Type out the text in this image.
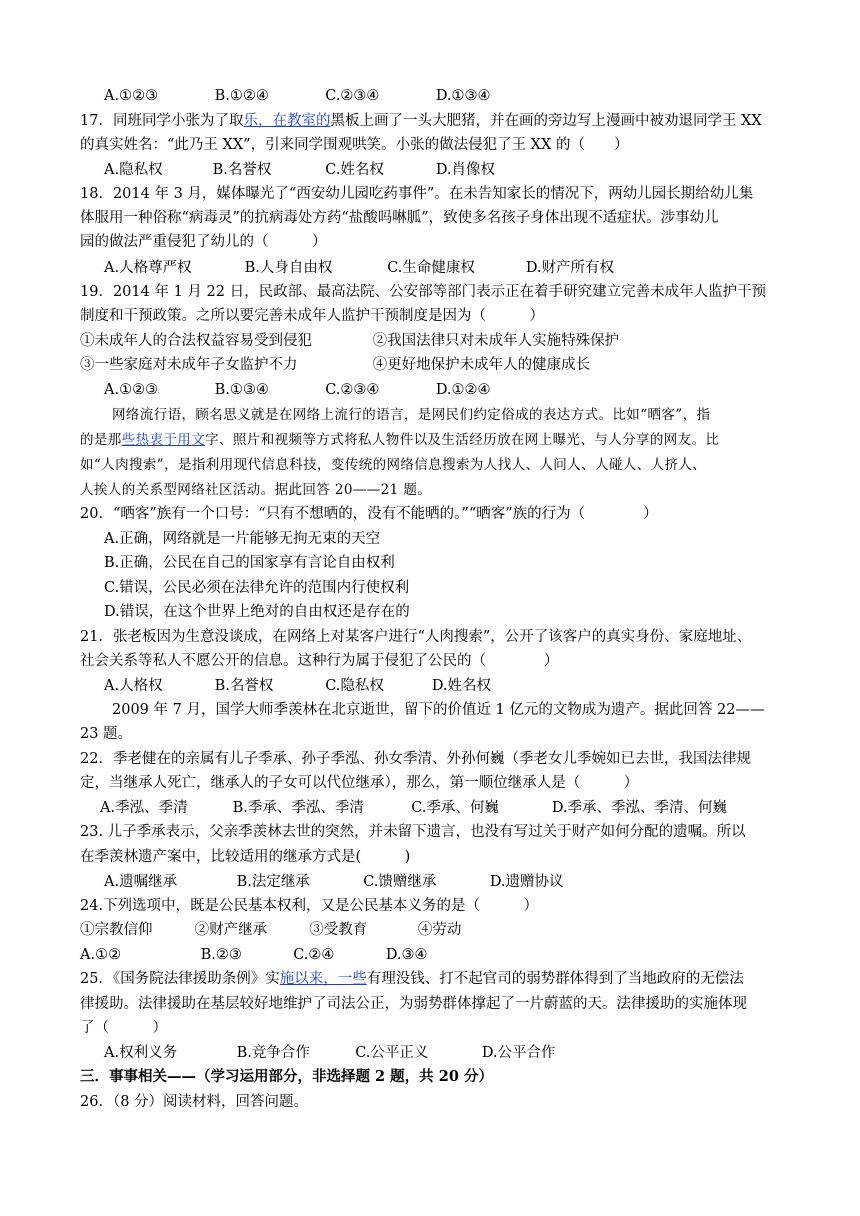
A.①②③	B.①②④	C.②③④	D.①③④
17．同班同学小张为了取乐，在教室的黑板上画了一头大肥猪，并在画的旁边写上漫画中被劝退同学王 XX
的真实姓名：“此乃王 XX”，引来同学围观哄笑。小张的做法侵犯了王 XX 的（　　）
A.隐私权	B.名誉权	C.姓名权	D.肖像权
18．2014 年 3 月，媒体曝光了“西安幼儿园吃药事件”。在未告知家长的情况下，两幼儿园长期给幼儿集
体服用一种俗称“病毒灵”的抗病毒处方药“盐酸吗啉胍”，致使多名孩子身体出现不适症状。涉事幼儿
园的做法严重侵犯了幼儿的（　　　）
A.人格尊严权	B.人身自由权	C.生命健康权	D.财产所有权
19．2014 年 1 月 22 日，民政部、最高法院、公安部等部门表示正在着手研究建立完善未成年人监护干预
制度和干预政策。之所以要完善未成年人监护干预制度是因为（　　　）
①未成年人的合法权益容易受到侵犯	②我国法律只对未成年人实施特殊保护
③一些家庭对未成年子女监护不力	④更好地保护未成年人的健康成长
A.①②③	B.①③④	C.②③④	D.①②④
网络流行语，顾名思义就是在网络上流行的语言，是网民们约定俗成的表达方式。比如“晒客”，指
的是那些热衷于用文字、照片和视频等方式将私人物件以及生活经历放在网上曝光、与人分享的网友。比
如“人肉搜索”，是指利用现代信息科技，变传统的网络信息搜索为人找人、人问人、人碰人、人挤人、
人挨人的关系型网络社区活动。据此回答 20——21 题。
20．“晒客”族有一个口号：“只有不想晒的，没有不能晒的。”“晒客”族的行为（　　　　）
A.正确，网络就是一片能够无拘无束的天空
B.正确，公民在自己的国家享有言论自由权利
C.错误，公民必须在法律允许的范围内行使权利
D.错误，在这个世界上绝对的自由权还是存在的
21．张老板因为生意没谈成，在网络上对某客户进行“人肉搜索”，公开了该客户的真实身份、家庭地址、
社会关系等私人不愿公开的信息。这种行为属于侵犯了公民的（　　　　）
A.人格权	B.名誉权	C.隐私权	D.姓名权
2009 年 7 月，国学大师季羡林在北京逝世，留下的价值近 1 亿元的文物成为遗产。据此回答 22——
23 题。
22．季老健在的亲属有儿子季承、孙子季泓、孙女季清、外孙何巍（季老女儿季婉如已去世，我国法律规
定，当继承人死亡，继承人的子女可以代位继承），那么，第一顺位继承人是（　　　）
A.季泓、季清	B.季承、季泓、季清	C.季承、何巍	D.季承、季泓、季清、何巍
23. 儿子季承表示，父亲季羡林去世的突然，并未留下遗言，也没有写过关于财产如何分配的遗嘱。所以
在季羡林遗产案中，比较适用的继承方式是(　　　)
A.遗嘱继承	B.法定继承	C.馈赠继承	D.遗赠协议
24.下列选项中，既是公民基本权利，又是公民基本义务的是（　　　）
①宗教信仰	②财产继承	③受教育	④劳动
A.①②	B.②③	C.②④	D.③④
25．《国务院法律援助条例》实施以来，一些有理没钱、打不起官司的弱势群体得到了当地政府的无偿法
律援助。法律援助在基层较好地维护了司法公正，为弱势群体撑起了一片蔚蓝的天。法律援助的实施体现
了（　　　）
A.权利义务	B.竞争合作	C.公平正义	D.公平合作
三．事事相关——（学习运用部分，非选择题 2 题，共 20 分）
26．（8 分）阅读材料，回答问题。
